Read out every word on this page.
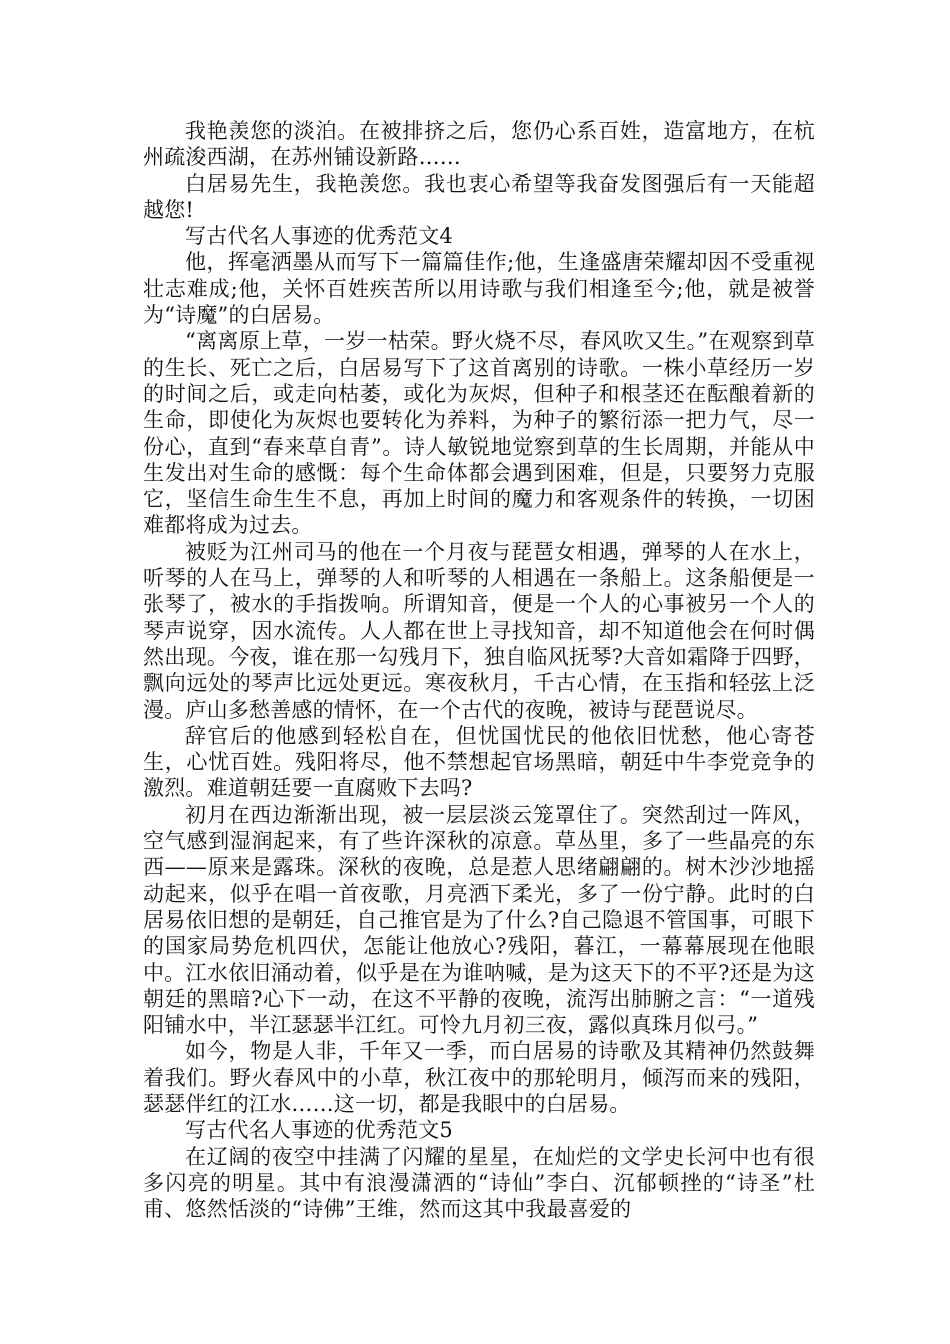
我艳羡您的淡泊。在被排挤之后，您仍心系百姓，造富地方，在杭州疏浚西湖，在苏州铺设新路……

白居易先生，我艳羡您。我也衷心希望等我奋发图强后有一天能超越您!

写古代名人事迹的优秀范文4

他，挥毫洒墨从而写下一篇篇佳作;他，生逢盛唐荣耀却因不受重视壮志难成;他，关怀百姓疾苦所以用诗歌与我们相逢至今;他，就是被誉为“诗魔”的白居易。

“离离原上草，一岁一枯荣。野火烧不尽，春风吹又生。”在观察到草的生长、死亡之后，白居易写下了这首离别的诗歌。一株小草经历一岁的时间之后，或走向枯萎，或化为灰烬，但种子和根茎还在酝酿着新的生命，即使化为灰烬也要转化为养料，为种子的繁衍添一把力气，尽一份心，直到“春来草自青”。诗人敏锐地觉察到草的生长周期，并能从中生发出对生命的感慨：每个生命体都会遇到困难，但是，只要努力克服它，坚信生命生生不息，再加上时间的魔力和客观条件的转换，一切困难都将成为过去。

被贬为江州司马的他在一个月夜与琵琶女相遇，弹琴的人在水上，听琴的人在马上，弹琴的人和听琴的人相遇在一条船上。这条船便是一张琴了，被水的手指拨响。所谓知音，便是一个人的心事被另一个人的琴声说穿，因水流传。人人都在世上寻找知音，却不知道他会在何时偶然出现。今夜，谁在那一勾残月下，独自临风抚琴?大音如霜降于四野，飘向远处的琴声比远处更远。寒夜秋月，千古心情，在玉指和轻弦上泛漫。庐山多愁善感的情怀，在一个古代的夜晚，被诗与琵琶说尽。

辞官后的他感到轻松自在，但忧国忧民的他依旧忧愁，他心寄苍生，心忧百姓。残阳将尽，他不禁想起官场黑暗，朝廷中牛李党竞争的激烈。难道朝廷要一直腐败下去吗?

初月在西边渐渐出现，被一层层淡云笼罩住了。突然刮过一阵风，空气感到湿润起来，有了些许深秋的凉意。草丛里，多了一些晶亮的东西——原来是露珠。深秋的夜晚，总是惹人思绪翩翩的。树木沙沙地摇动起来，似乎在唱一首夜歌，月亮洒下柔光，多了一份宁静。此时的白居易依旧想的是朝廷，自己推官是为了什么?自己隐退不管国事，可眼下的国家局势危机四伏，怎能让他放心?残阳，暮江，一幕幕展现在他眼中。江水依旧涌动着，似乎是在为谁呐喊，是为这天下的不平?还是为这朝廷的黑暗?心下一动，在这不平静的夜晚，流泻出肺腑之言：“一道残阳铺水中，半江瑟瑟半江红。可怜九月初三夜，露似真珠月似弓。”

如今，物是人非，千年又一季，而白居易的诗歌及其精神仍然鼓舞着我们。野火春风中的小草，秋江夜中的那轮明月，倾泻而来的残阳，瑟瑟伴红的江水……这一切，都是我眼中的白居易。

写古代名人事迹的优秀范文5

在辽阔的夜空中挂满了闪耀的星星，在灿烂的文学史长河中也有很多闪亮的明星。其中有浪漫潇洒的“诗仙”李白、沉郁顿挫的“诗圣”杜甫、悠然恬淡的“诗佛”王维，然而这其中我最喜爱的
